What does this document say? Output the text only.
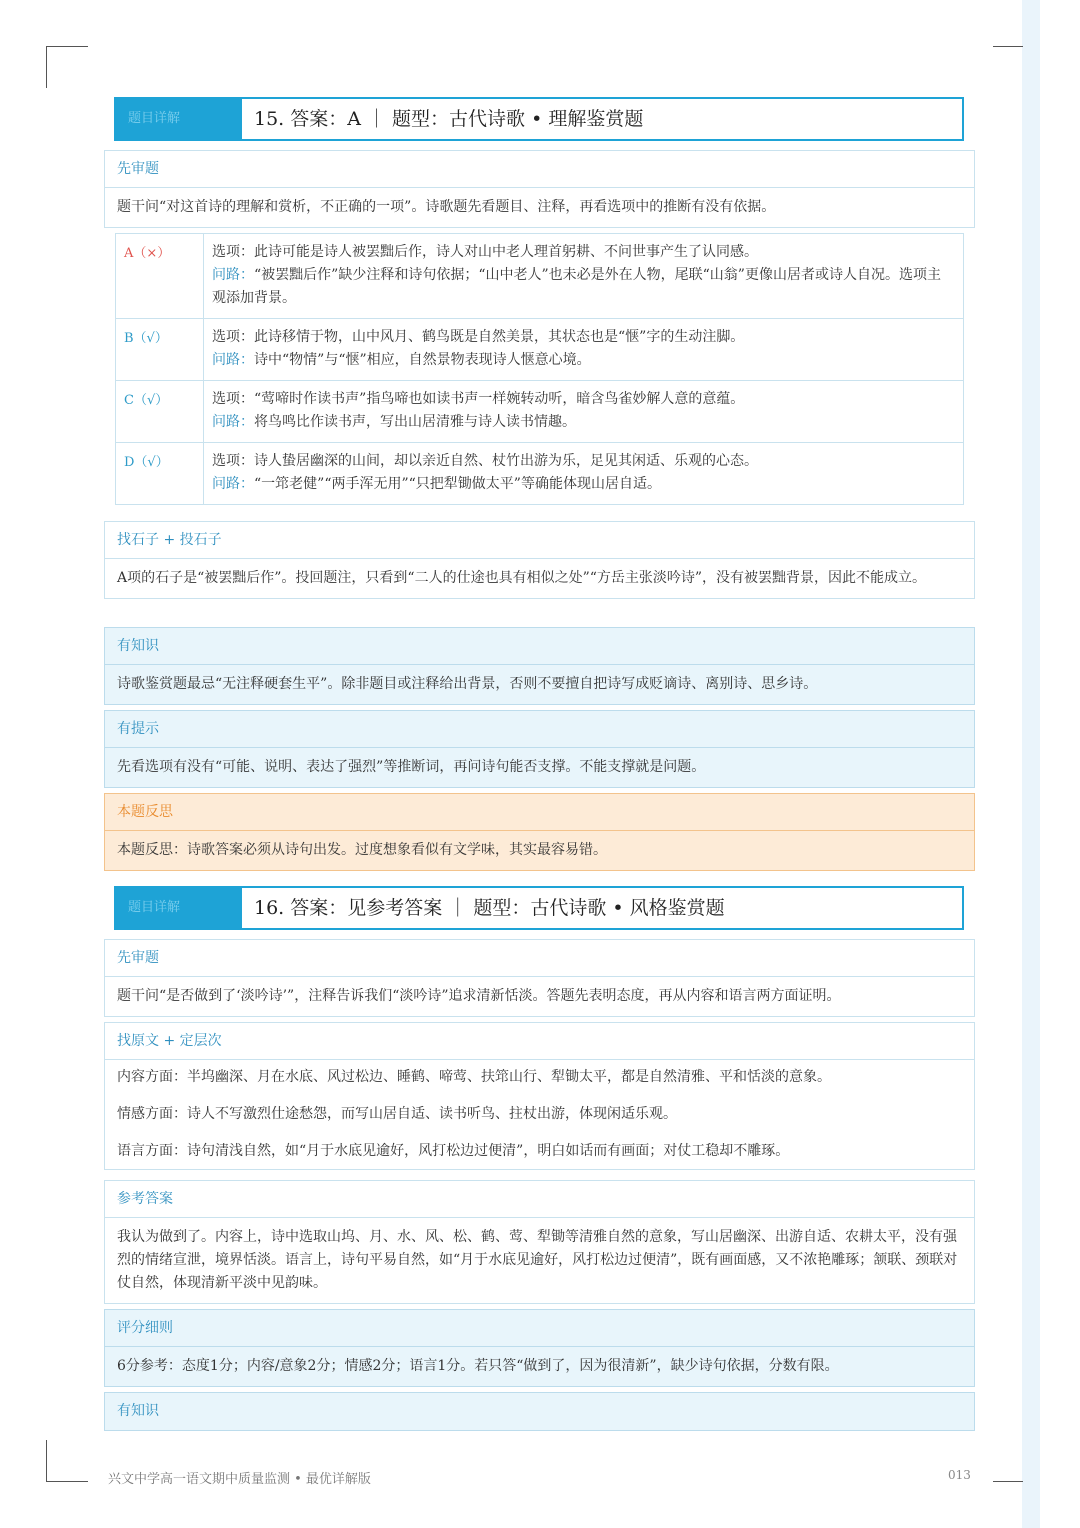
题目详解	15. 答案：A ｜ 题型：古代诗歌 • 理解鉴赏题
先审题

题干问“对这首诗的理解和赏析，不正确的一项”。诗歌题先看题目、注释，再看选项中的推断有没有依据。

A（×）	选项：此诗可能是诗人被罢黜后作，诗人对山中老人理首躬耕、不问世事产生了认同感。

问路：“被罢黜后作”缺少注释和诗句依据；“山中老人”也未必是外在人物，尾联“山翁”更像山居者或诗人自况。选项主观添加背景。

B（√）	选项：此诗移情于物，山中风月、鹤鸟既是自然美景，其状态也是“惬”字的生动注脚。

问路：诗中“物情”与“惬”相应，自然景物表现诗人惬意心境。

C（√）	选项：“莺啼时作读书声”指鸟啼也如读书声一样婉转动听，暗含鸟雀妙解人意的意蕴。

问路：将鸟鸣比作读书声，写出山居清雅与诗人读书情趣。

D（√）	选项：诗人蛰居幽深的山间，却以亲近自然、杖竹出游为乐，足见其闲适、乐观的心态。

问路：“一筇老健”“两手浑无用”“只把犁锄做太平”等确能体现山居自适。

找石子 + 投石子

A项的石子是“被罢黜后作”。投回题注，只看到“二人的仕途也具有相似之处”“方岳主张淡吟诗”，没有被罢黜背景，因此不能成立。

有知识

诗歌鉴赏题最忌“无注释硬套生平”。除非题目或注释给出背景，否则不要擅自把诗写成贬谪诗、离别诗、思乡诗。

有提示

先看选项有没有“可能、说明、表达了强烈”等推断词，再问诗句能否支撑。不能支撑就是问题。

本题反思

本题反思：诗歌答案必须从诗句出发。过度想象看似有文学味，其实最容易错。

题目详解	16. 答案：见参考答案 ｜ 题型：古代诗歌 • 风格鉴赏题
先审题

题干问“是否做到了‘淡吟诗’”，注释告诉我们“淡吟诗”追求清新恬淡。答题先表明态度，再从内容和语言两方面证明。

找原文 + 定层次

内容方面：半坞幽深、月在水底、风过松边、睡鹤、啼莺、扶筇山行、犁锄太平，都是自然清雅、平和恬淡的意象。

情感方面：诗人不写激烈仕途愁怨，而写山居自适、读书听鸟、拄杖出游，体现闲适乐观。

语言方面：诗句清浅自然，如“月于水底见逾好，风打松边过便清”，明白如话而有画面；对仗工稳却不雕琢。

参考答案

我认为做到了。内容上，诗中选取山坞、月、水、风、松、鹤、莺、犁锄等清雅自然的意象，写山居幽深、出游自适、农耕太平，没有强烈的情绪宣泄，境界恬淡。语言上，诗句平易自然，如“月于水底见逾好，风打松边过便清”，既有画面感，又不浓艳雕琢；颔联、颈联对仗自然，体现清新平淡中见韵味。

评分细则

6分参考：态度1分；内容/意象2分；情感2分；语言1分。若只答“做到了，因为很清新”，缺少诗句依据，分数有限。

有知识
兴文中学高一语文期中质量监测 • 最优详解版	013
